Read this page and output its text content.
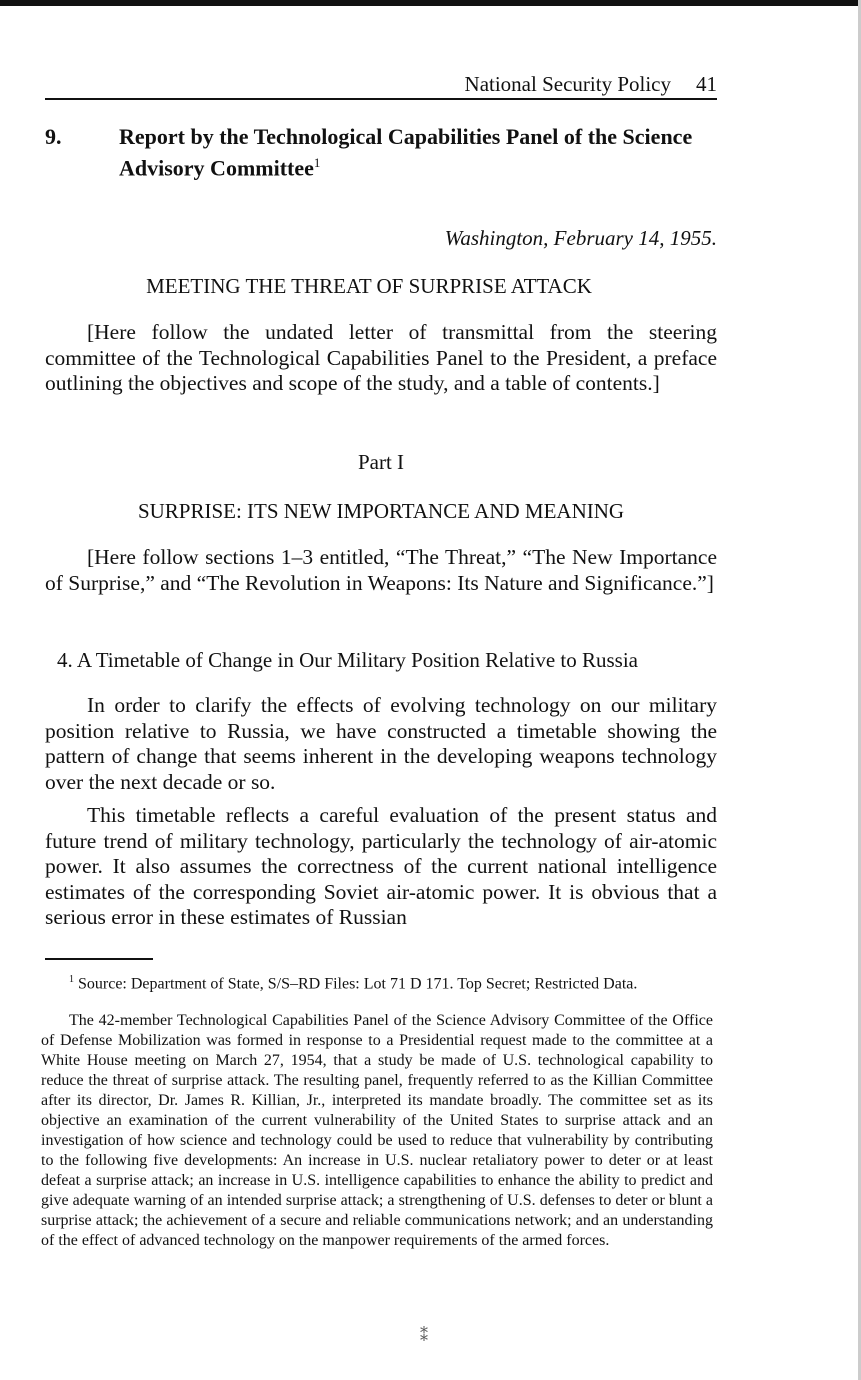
National Security Policy 41
9.	Report by the Technological Capabilities Panel of the Science Advisory Committee$^1$
Washington, February 14, 1955.
MEETING THE THREAT OF SURPRISE ATTACK

[Here follow the undated letter of transmittal from the steering committee of the Technological Capabilities Panel to the President, a preface outlining the objectives and scope of the study, and a table of contents.]

Part I
SURPRISE: ITS NEW IMPORTANCE AND MEANING

[Here follow sections 1–3 entitled, “The Threat,” “The New Importance of Surprise,” and “The Revolution in Weapons: Its Nature and Significance.”]

4. A Timetable of Change in Our Military Position Relative to Russia

In order to clarify the effects of evolving technology on our military position relative to Russia, we have constructed a timetable showing the pattern of change that seems inherent in the developing weapons technology over the next decade or so.

This timetable reflects a careful evaluation of the present status and future trend of military technology, particularly the technology of air-atomic power. It also assumes the correctness of the current national intelligence estimates of the corresponding Soviet air-atomic power. It is obvious that a serious error in these estimates of Russian

$^1$ Source: Department of State, S/S–RD Files: Lot 71 D 171. Top Secret; Restricted Data.

The 42-member Technological Capabilities Panel of the Science Advisory Committee of the Office of Defense Mobilization was formed in response to a Presidential request made to the committee at a White House meeting on March 27, 1954, that a study be made of U.S. technological capability to reduce the threat of surprise attack. The resulting panel, frequently referred to as the Killian Committee after its director, Dr. James R. Killian, Jr., interpreted its mandate broadly. The committee set as its objective an examination of the current vulnerability of the United States to surprise attack and an investigation of how science and technology could be used to reduce that vulnerability by contributing to the following five developments: An increase in U.S. nuclear retaliatory power to deter or at least defeat a surprise attack; an increase in U.S. intelligence capabilities to enhance the ability to predict and give adequate warning of an intended surprise attack; a strengthening of U.S. defenses to deter or blunt a surprise attack; the achievement of a secure and reliable communications network; and an understanding of the effect of advanced technology on the manpower requirements of the armed forces.

⁑
